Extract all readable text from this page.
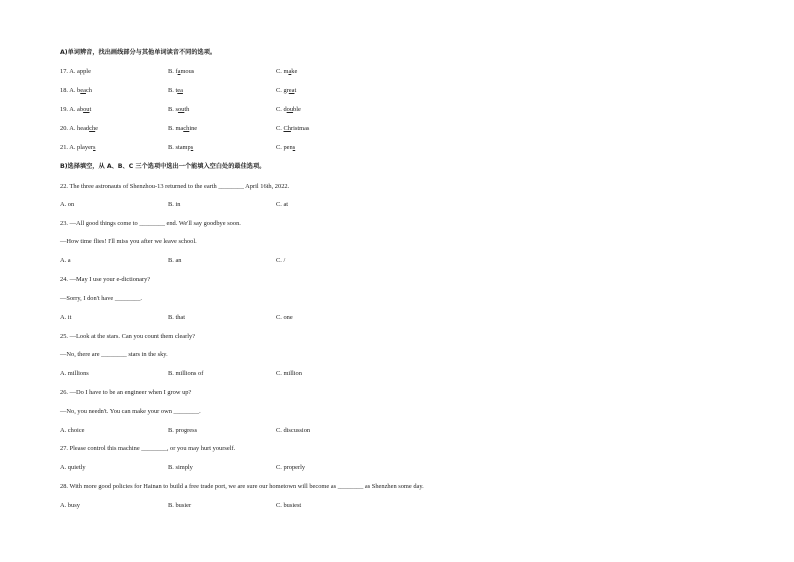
A)单词辨音，找出画线部分与其他单词读音不同的选项。
17. A. apple	B. famous	C. make
18. A. beach	B. tea	C. great
19. A. about	B. south	C. double
20. A. headche	B. machine	C. Christmas
21. A. players	B. stamps	C. pens
B)选择填空，从 A、B、C 三个选项中选出一个能填入空白处的最佳选项。
22. The three astronauts of Shenzhou-13 returned to the earth ________ April 16th, 2022.
A. on	B. in	C. at
23. —All good things come to ________ end. We'll say goodbye soon.
—How time flies! I'll miss you after we leave school.
A. a	B. an	C. /
24. —May I use your e-dictionary?
—Sorry, I don't have ________.
A. it	B. that	C. one
25. —Look at the stars. Can you count them clearly?
—No, there are ________ stars in the sky.
A. millions	B. millions of	C. million
26. —Do I have to be an engineer when I grow up?
—No, you needn't. You can make your own ________.
A. choice	B. progress	C. discussion
27. Please control this machine ________, or you may hurt yourself.
A. quietly	B. simply	C. properly
28. With more good policies for Hainan to build a free trade port, we are sure our hometown will become as ________ as Shenzhen some day.
A. busy	B. busier	C. busiest
